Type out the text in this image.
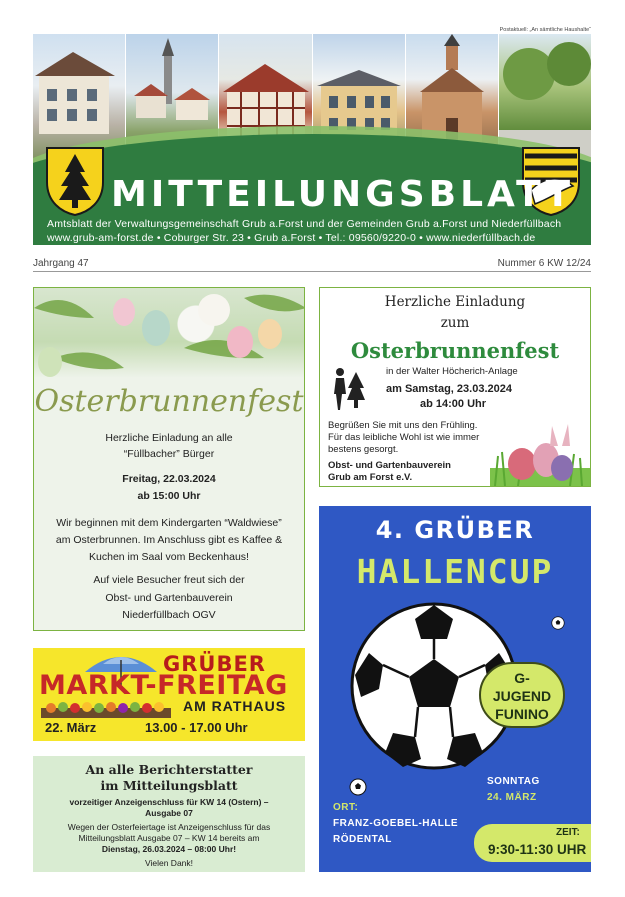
Postaktuell: „An sämtliche Haushalte“
MITTEILUNGSBLATT
Amtsblatt der Verwaltungsgemeinschaft Grub a.Forst und der Gemeinden Grub a.Forst und Niederfüllbach
www.grub-am-forst.de • Coburger Str. 23 • Grub a.Forst • Tel.: 09560/9220-0 • www.niederfüllbach.de
Jahrgang 47	Nummer 6 KW 12/24
Osterbrunnenfest
Herzliche Einladung an alle
“Füllbacher” Bürger
Freitag, 22.03.2024
ab 15:00 Uhr
Wir beginnen mit dem Kindergarten “Waldwiese”
am Osterbrunnen. Im Anschluss gibt es Kaffee &
Kuchen im Saal vom Beckenhaus!
Auf viele Besucher freut sich der
Obst- und Gartenbauverein
Niederfüllbach OGV
Herzliche Einladung
zum
Osterbrunnenfest
in der Walter Höcherich-Anlage
am Samstag, 23.03.2024
ab 14:00 Uhr
Begrüßen Sie mit uns den Frühling.
Für das leibliche Wohl ist wie immer
bestens gesorgt.
Obst- und Gartenbauverein
Grub am Forst e.V.
GRÜBER
MARKT-FREITAG
AM RATHAUS
22. März	13.00 - 17.00 Uhr
An alle Berichterstatter
im Mitteilungsblatt
vorzeitiger Anzeigenschluss für KW 14 (Ostern) –
Ausgabe 07
Wegen der Osterfeiertage ist Anzeigenschluss für das
Mitteilungsblatt Ausgabe 07 – KW 14 bereits am
Dienstag, 26.03.2024 – 08:00 Uhr!
Vielen Dank!
4. GRÜBER
HALLENCUP
G-
JUGEND
FUNINO
SONNTAG
24. MÄRZ
ORT:
FRANZ-GOEBEL-HALLE
RÖDENTAL
ZEIT:
9:30-11:30 UHR
